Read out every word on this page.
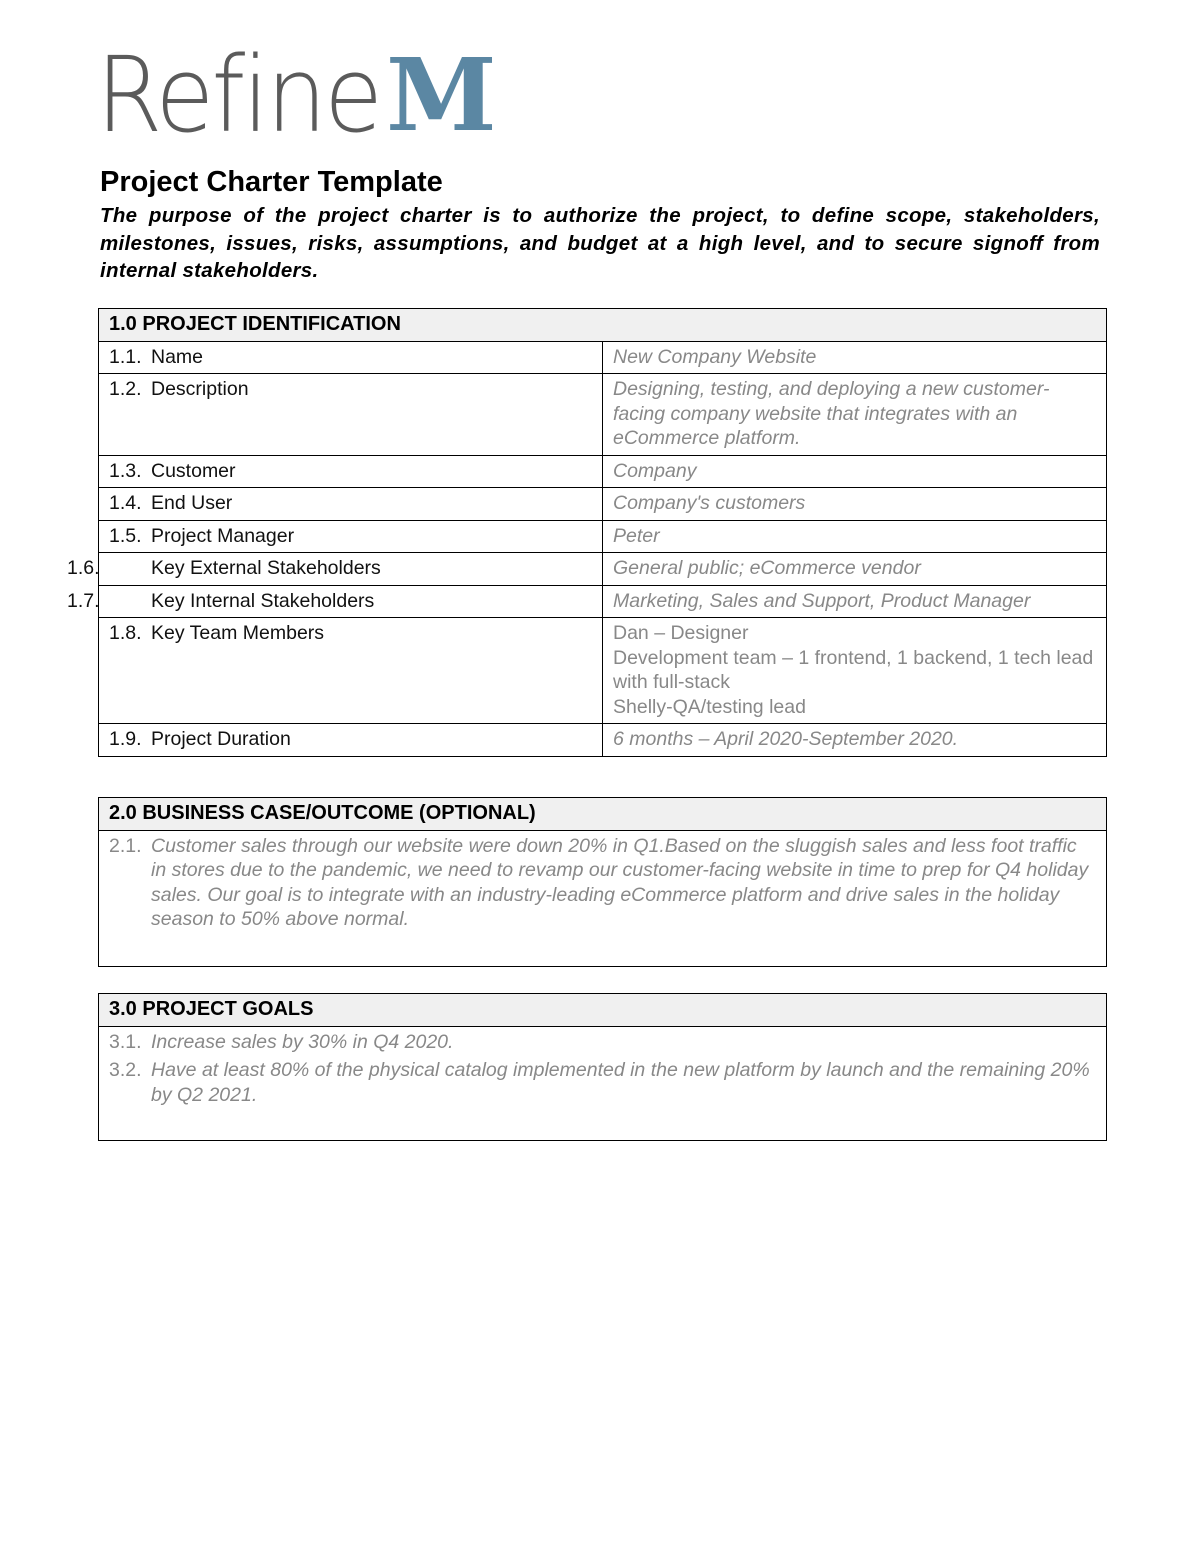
Refine M
Project Charter Template
The purpose of the project charter is to authorize the project, to define scope, stakeholders, milestones, issues, risks, assumptions, and budget at a high level, and to secure signoff from internal stakeholders.
1.0 PROJECT IDENTIFICATION	
1.1. Name	New Company Website
1.2. Description	Designing, testing, and deploying a new customer-facing company website that integrates with an eCommerce platform.
1.3. Customer	Company
1.4. End User	Company's customers
1.5. Project Manager	Peter

1.6. Key External Stakeholders	General public; eCommerce vendor

1.7. Key Internal Stakeholders	Marketing, Sales and Support, Product Manager
1.8. Key Team Members	Dan – Designer
Development team – 1 frontend, 1 backend, 1 tech lead with full-stack
Shelly-QA/testing lead

1.9. Project Duration	6 months – April 2020-September 2020.
2.0 BUSINESS CASE/OUTCOME (OPTIONAL)

2.1. Customer sales through our website were down 20% in Q1.Based on the sluggish sales and less foot traffic in stores due to the pandemic, we need to revamp our customer-facing website in time to prep for Q4 holiday sales. Our goal is to integrate with an industry-leading eCommerce platform and drive sales in the holiday season to 50% above normal.
3.0 PROJECT GOALS

3.1. Increase sales by 30% in Q4 2020.
3.2. Have at least 80% of the physical catalog implemented in the new platform by launch and the remaining 20% by Q2 2021.
